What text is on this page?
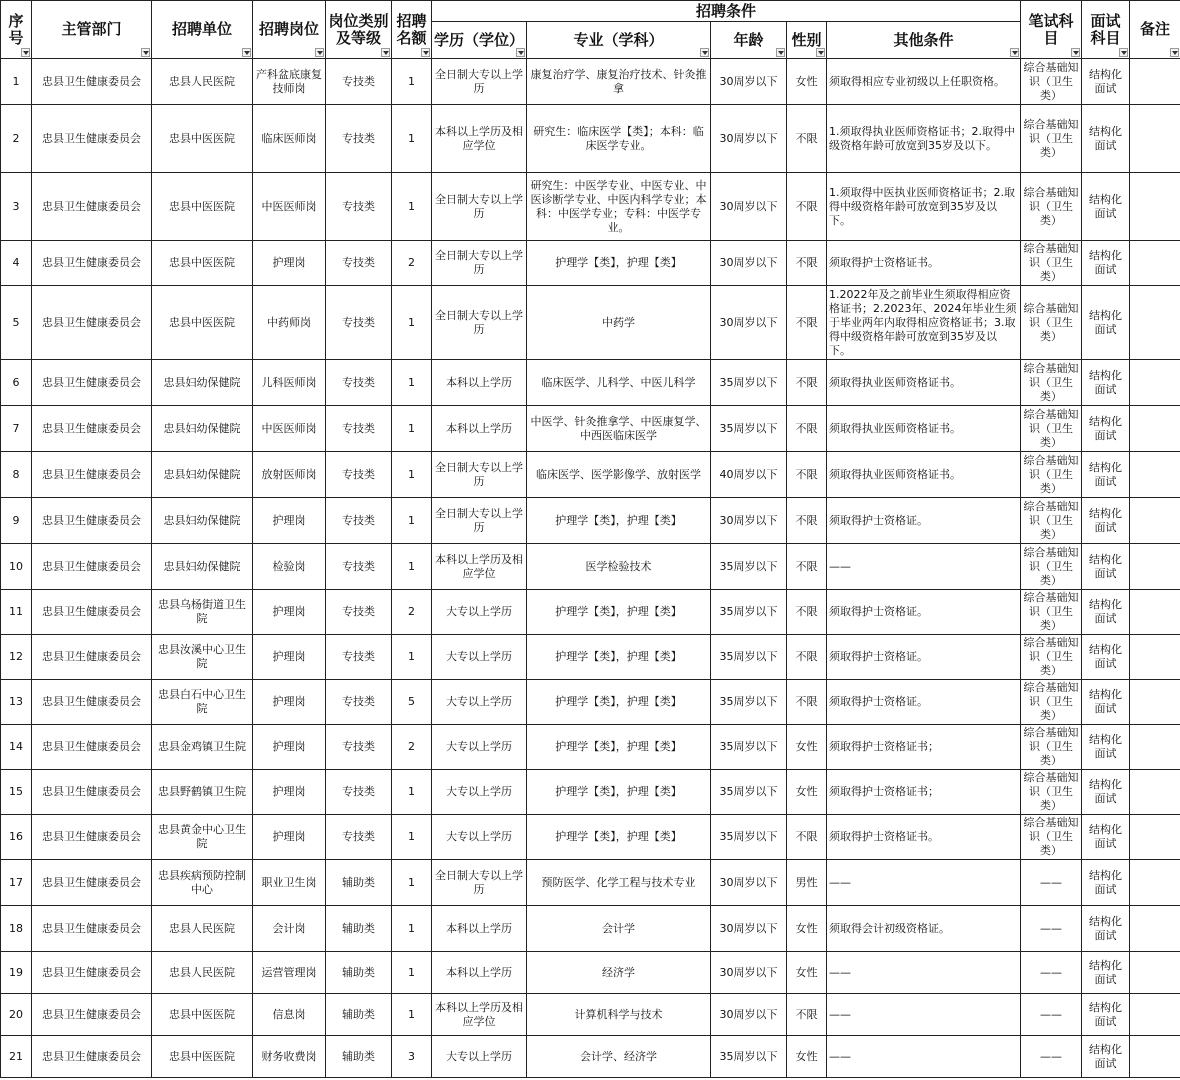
序号	主管部门	招聘单位	招聘岗位	岗位类别及等级	招聘名额	招聘条件					笔试科目	面试科目	备注

						学历（学位）	专业（学科）	年龄	性别	其他条件			

1	忠县卫生健康委员会	忠县人民医院	产科盆底康复技师岗	专技类	1	全日制大专以上学历	康复治疗学、康复治疗技术、针灸推拿	30周岁以下	女性	须取得相应专业初级以上任职资格。	综合基础知识（卫生类）	结构化面试	
2	忠县卫生健康委员会	忠县中医医院	临床医师岗	专技类	1	本科以上学历及相应学位	研究生：临床医学【类】；本科：临床医学专业。	30周岁以下	不限	1.须取得执业医师资格证书；2.取得中级资格年龄可放宽到35岁及以下。	综合基础知识（卫生类）	结构化面试	
3	忠县卫生健康委员会	忠县中医医院	中医医师岗	专技类	1	全日制大专以上学历	研究生：中医学专业、中医专业、中医诊断学专业、中医内科学专业；本科：中医学专业；专科：中医学专业。	30周岁以下	不限	1.须取得中医执业医师资格证书；2.取得中级资格年龄可放宽到35岁及以下。	综合基础知识（卫生类）	结构化面试	
4	忠县卫生健康委员会	忠县中医医院	护理岗	专技类	2	全日制大专以上学历	护理学【类】，护理【类】	30周岁以下	不限	须取得护士资格证书。	综合基础知识（卫生类）	结构化面试	
5	忠县卫生健康委员会	忠县中医医院	中药师岗	专技类	1	全日制大专以上学历	中药学	30周岁以下	不限	1.2022年及之前毕业生须取得相应资格证书；2.2023年、2024年毕业生须于毕业两年内取得相应资格证书；3.取得中级资格年龄可放宽到35岁及以下。	综合基础知识（卫生类）	结构化面试	
6	忠县卫生健康委员会	忠县妇幼保健院	儿科医师岗	专技类	1	本科以上学历	临床医学、儿科学、中医儿科学	35周岁以下	不限	须取得执业医师资格证书。	综合基础知识（卫生类）	结构化面试	
7	忠县卫生健康委员会	忠县妇幼保健院	中医医师岗	专技类	1	本科以上学历	中医学、针灸推拿学、中医康复学、中西医临床医学	35周岁以下	不限	须取得执业医师资格证书。	综合基础知识（卫生类）	结构化面试	
8	忠县卫生健康委员会	忠县妇幼保健院	放射医师岗	专技类	1	全日制大专以上学历	临床医学、医学影像学、放射医学	40周岁以下	不限	须取得执业医师资格证书。	综合基础知识（卫生类）	结构化面试	
9	忠县卫生健康委员会	忠县妇幼保健院	护理岗	专技类	1	全日制大专以上学历	护理学【类】，护理【类】	30周岁以下	不限	须取得护士资格证。	综合基础知识（卫生类）	结构化面试	
10	忠县卫生健康委员会	忠县妇幼保健院	检验岗	专技类	1	本科以上学历及相应学位	医学检验技术	35周岁以下	不限	——	综合基础知识（卫生类）	结构化面试	
11	忠县卫生健康委员会	忠县乌杨街道卫生院	护理岗	专技类	2	大专以上学历	护理学【类】，护理【类】	35周岁以下	不限	须取得护士资格证。	综合基础知识（卫生类）	结构化面试	
12	忠县卫生健康委员会	忠县汝溪中心卫生院	护理岗	专技类	1	大专以上学历	护理学【类】，护理【类】	35周岁以下	不限	须取得护士资格证。	综合基础知识（卫生类）	结构化面试	
13	忠县卫生健康委员会	忠县白石中心卫生院	护理岗	专技类	5	大专以上学历	护理学【类】，护理【类】	35周岁以下	不限	须取得护士资格证。	综合基础知识（卫生类）	结构化面试	
14	忠县卫生健康委员会	忠县金鸡镇卫生院	护理岗	专技类	2	大专以上学历	护理学【类】，护理【类】	35周岁以下	女性	须取得护士资格证书；	综合基础知识（卫生类）	结构化面试	
15	忠县卫生健康委员会	忠县野鹤镇卫生院	护理岗	专技类	1	大专以上学历	护理学【类】，护理【类】	35周岁以下	女性	须取得护士资格证书；	综合基础知识（卫生类）	结构化面试	
16	忠县卫生健康委员会	忠县黄金中心卫生院	护理岗	专技类	1	大专以上学历	护理学【类】，护理【类】	35周岁以下	不限	须取得护士资格证书。	综合基础知识（卫生类）	结构化面试	
17	忠县卫生健康委员会	忠县疾病预防控制中心	职业卫生岗	辅助类	1	全日制大专以上学历	预防医学、化学工程与技术专业	30周岁以下	男性	——	——	结构化面试	
18	忠县卫生健康委员会	忠县人民医院	会计岗	辅助类	1	本科以上学历	会计学	30周岁以下	女性	须取得会计初级资格证。	——	结构化面试	
19	忠县卫生健康委员会	忠县人民医院	运营管理岗	辅助类	1	本科以上学历	经济学	30周岁以下	女性	——	——	结构化面试	
20	忠县卫生健康委员会	忠县中医医院	信息岗	辅助类	1	本科以上学历及相应学位	计算机科学与技术	30周岁以下	不限	——	——	结构化面试	
21	忠县卫生健康委员会	忠县中医医院	财务收费岗	辅助类	3	大专以上学历	会计学、经济学	35周岁以下	女性	——	——	结构化面试	
